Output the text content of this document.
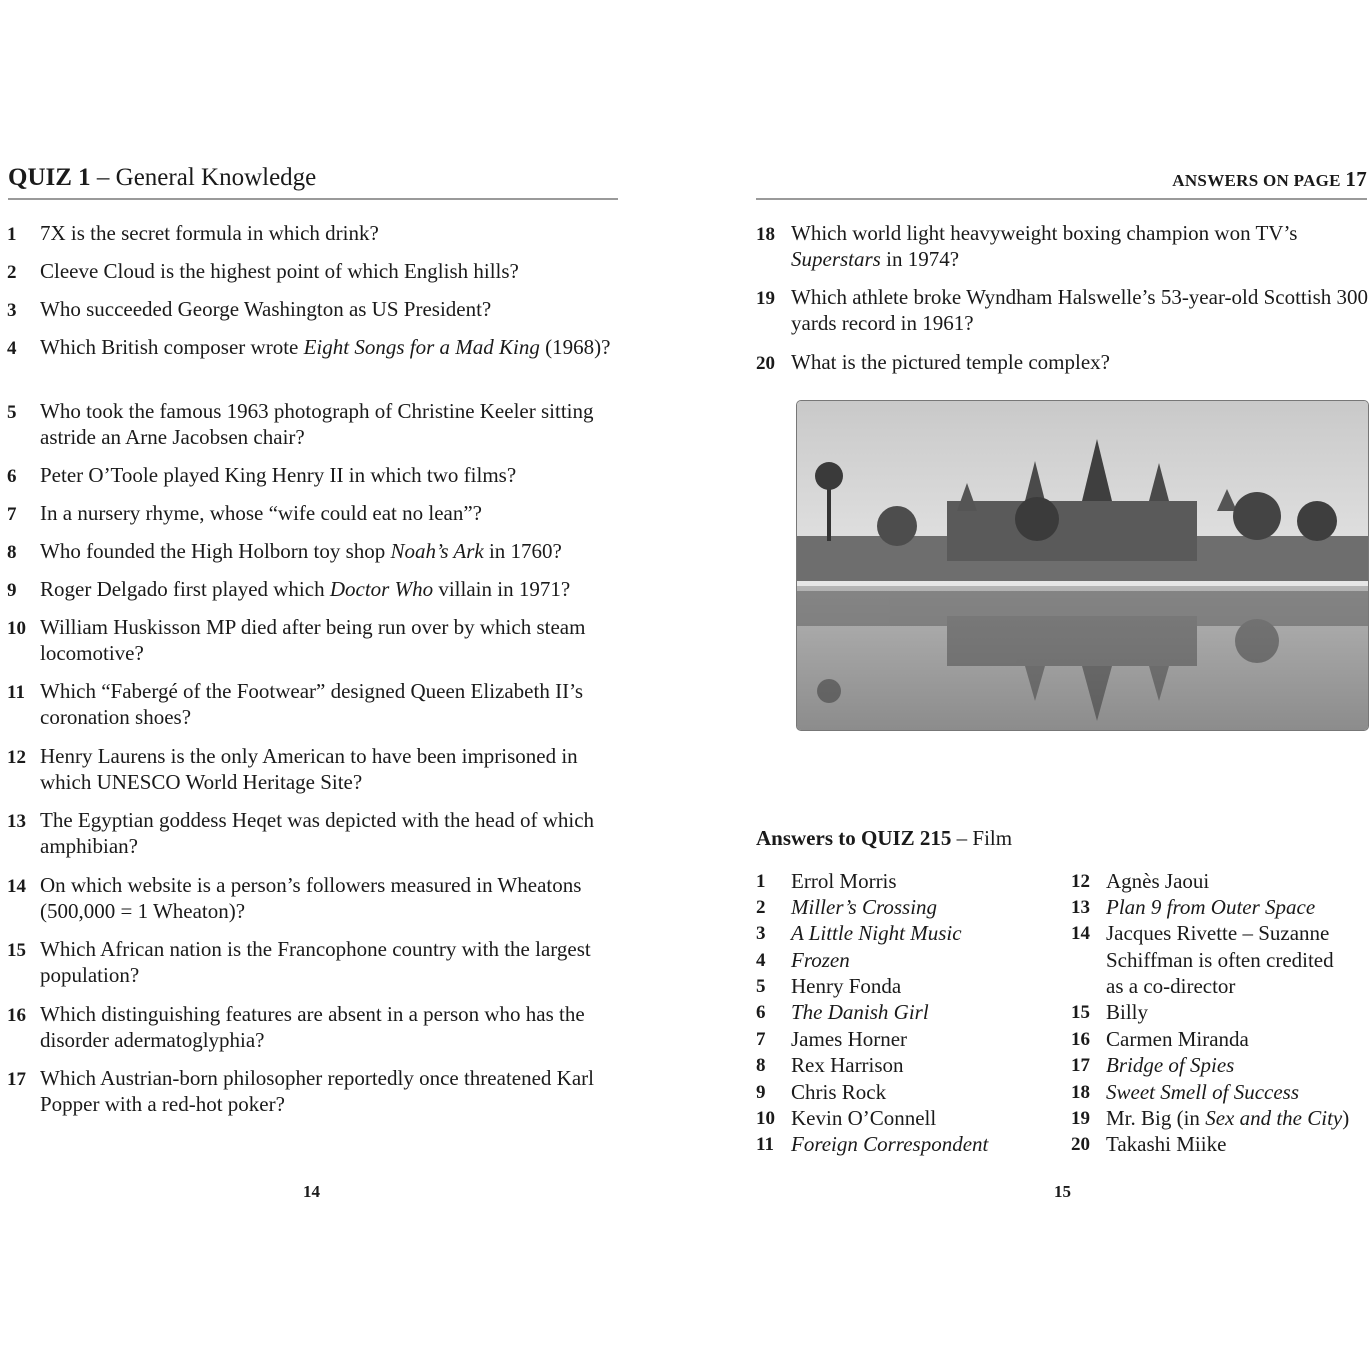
QUIZ 1 – General Knowledge
1 7X is the secret formula in which drink?
2 Cleeve Cloud is the highest point of which English hills?
3 Who succeeded George Washington as US President?
4 Which British composer wrote Eight Songs for a Mad King (1968)?
5 Who took the famous 1963 photograph of Christine Keeler sitting astride an Arne Jacobsen chair?
6 Peter O’Toole played King Henry II in which two films?
7 In a nursery rhyme, whose “wife could eat no lean”?
8 Who founded the High Holborn toy shop Noah’s Ark in 1760?
9 Roger Delgado first played which Doctor Who villain in 1971?
10 William Huskisson MP died after being run over by which steam locomotive?
11 Which “Fabergé of the Footwear” designed Queen Elizabeth II’s coronation shoes?
12 Henry Laurens is the only American to have been imprisoned in which UNESCO World Heritage Site?
13 The Egyptian goddess Heqet was depicted with the head of which amphibian?
14 On which website is a person’s followers measured in Wheatons (500,000 = 1 Wheaton)?
15 Which African nation is the Francophone country with the largest population?
16 Which distinguishing features are absent in a person who has the disorder adermatoglyphia?
17 Which Austrian-born philosopher reportedly once threatened Karl Popper with a red-hot poker?
14
ANSWERS ON PAGE 17
18 Which world light heavyweight boxing champion won TV’s Superstars in 1974?
19 Which athlete broke Wyndham Halswelle’s 53-year-old Scottish 300 yards record in 1961?
20 What is the pictured temple complex?
Answers to QUIZ 215 – Film
1 Errol Morris
2 Miller’s Crossing
3 A Little Night Music
4 Frozen
5 Henry Fonda
6 The Danish Girl
7 James Horner
8 Rex Harrison
9 Chris Rock
10 Kevin O’Connell
11 Foreign Correspondent
12 Agnès Jaoui
13 Plan 9 from Outer Space
14 Jacques Rivette – Suzanne
Schiffman is often credited
as a co-director
15 Billy
16 Carmen Miranda
17 Bridge of Spies
18 Sweet Smell of Success
19 Mr. Big (in Sex and the City)
20 Takashi Miike
15
